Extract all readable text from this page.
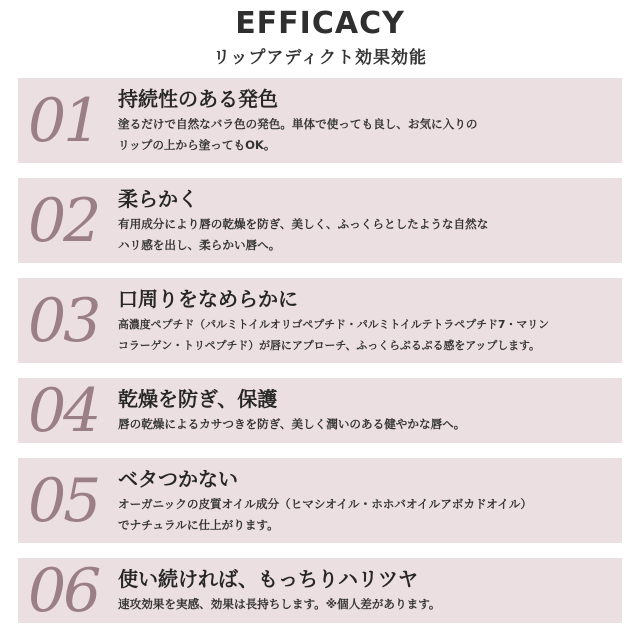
EFFICACY
リップアディクト効果効能
01 持続性のある発色
塗るだけで自然なバラ色の発色。単体で使っても良し、お気に入りの
リップの上から塗ってもOK。
02 柔らかく
有用成分により唇の乾燥を防ぎ、美しく、ふっくらとしたような自然な
ハリ感を出し、柔らかい唇へ。
03 口周りをなめらかに
高濃度ペプチド（パルミトイルオリゴペプチド・パルミトイルテトラペプチド7・マリン
コラーゲン・トリペプチド）が唇にアプローチ、ふっくらぷるぷる感をアップします。
04 乾燥を防ぎ、保護
唇の乾燥によるカサつきを防ぎ、美しく潤いのある健やかな唇へ。
05 ベタつかない
オーガニックの皮質オイル成分（ヒマシオイル・ホホバオイルアボカドオイル）
でナチュラルに仕上がります。
06 使い続ければ、もっちりハリツヤ
速攻効果を実感、効果は長持ちします。※個人差があります。
